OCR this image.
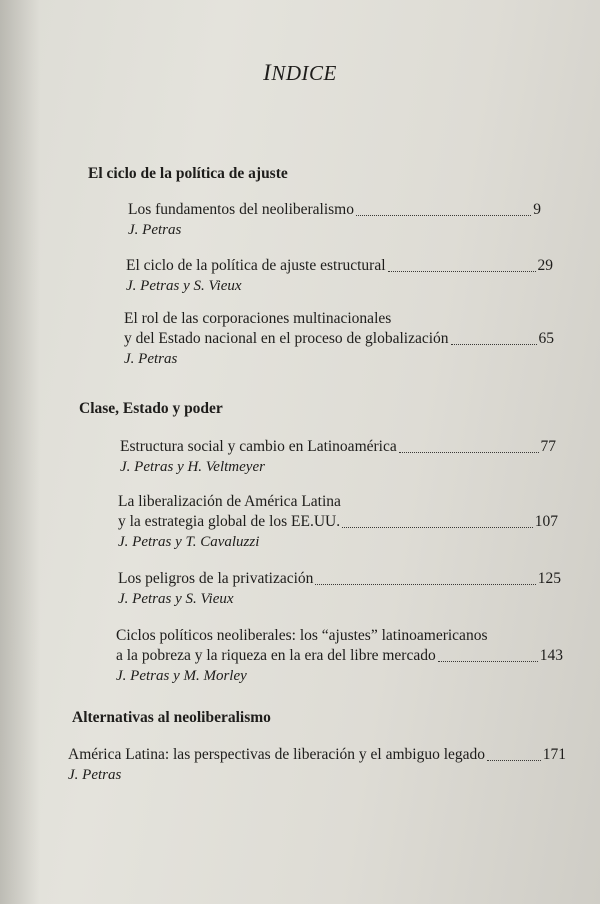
INDICE
El ciclo de la política de ajuste
Los fundamentos del neoliberalismo	9
J. Petras
El ciclo de la política de ajuste estructural	29
J. Petras y S. Vieux
El rol de las corporaciones multinacionales
y del Estado nacional en el proceso de globalización	65
J. Petras
Clase, Estado y poder
Estructura social y cambio en Latinoamérica	77
J. Petras y H. Veltmeyer
La liberalización de América Latina
y la estrategia global de los EE.UU.	107
J. Petras y T. Cavaluzzi
Los peligros de la privatización	125
J. Petras y S. Vieux
Ciclos políticos neoliberales: los “ajustes” latinoamericanos
a la pobreza y la riqueza en la era del libre mercado	143
J. Petras y M. Morley
Alternativas al neoliberalismo
América Latina: las perspectivas de liberación y el ambiguo legado	171
J. Petras
